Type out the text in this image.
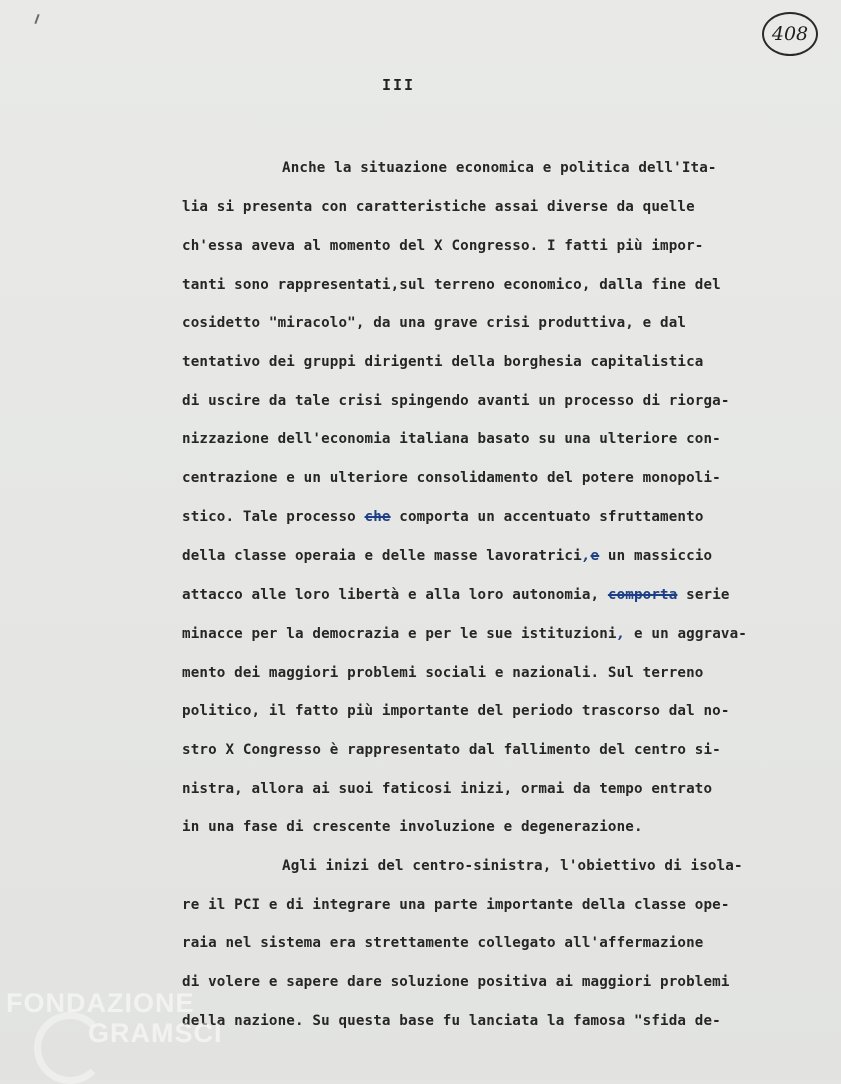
408
III
Anche la situazione economica e politica dell'Ita-
lia si presenta con caratteristiche assai diverse da quelle
ch'essa aveva al momento del X Congresso. I fatti più impor-
tanti sono rappresentati,sul terreno economico, dalla fine del
cosidetto "miracolo", da una grave crisi produttiva, e dal
tentativo dei gruppi dirigenti della borghesia capitalistica
di uscire da tale crisi spingendo avanti un processo di riorga-
nizzazione dell'economia italiana basato su una ulteriore con-
centrazione e un ulteriore consolidamento del potere monopoli-
stico. Tale processo che comporta un accentuato sfruttamento
della classe operaia e delle masse lavoratrici,e un massiccio
attacco alle loro libertà e alla loro autonomia, comporta serie
minacce per la democrazia e per le sue istituzioni, e un aggrava-
mento dei maggiori problemi sociali e nazionali. Sul terreno
politico, il fatto più importante del periodo trascorso dal no-
stro X Congresso è rappresentato dal fallimento del centro si-
nistra, allora ai suoi faticosi inizi, ormai da tempo entrato
in una fase di crescente involuzione e degenerazione.
Agli inizi del centro-sinistra, l'obiettivo di isola-
re il PCI e di integrare una parte importante della classe ope-
raia nel sistema era strettamente collegato all'affermazione
di volere e sapere dare soluzione positiva ai maggiori problemi
della nazione. Su questa base fu lanciata la famosa "sfida de-
FONDAZIONE
GRAMSCI
